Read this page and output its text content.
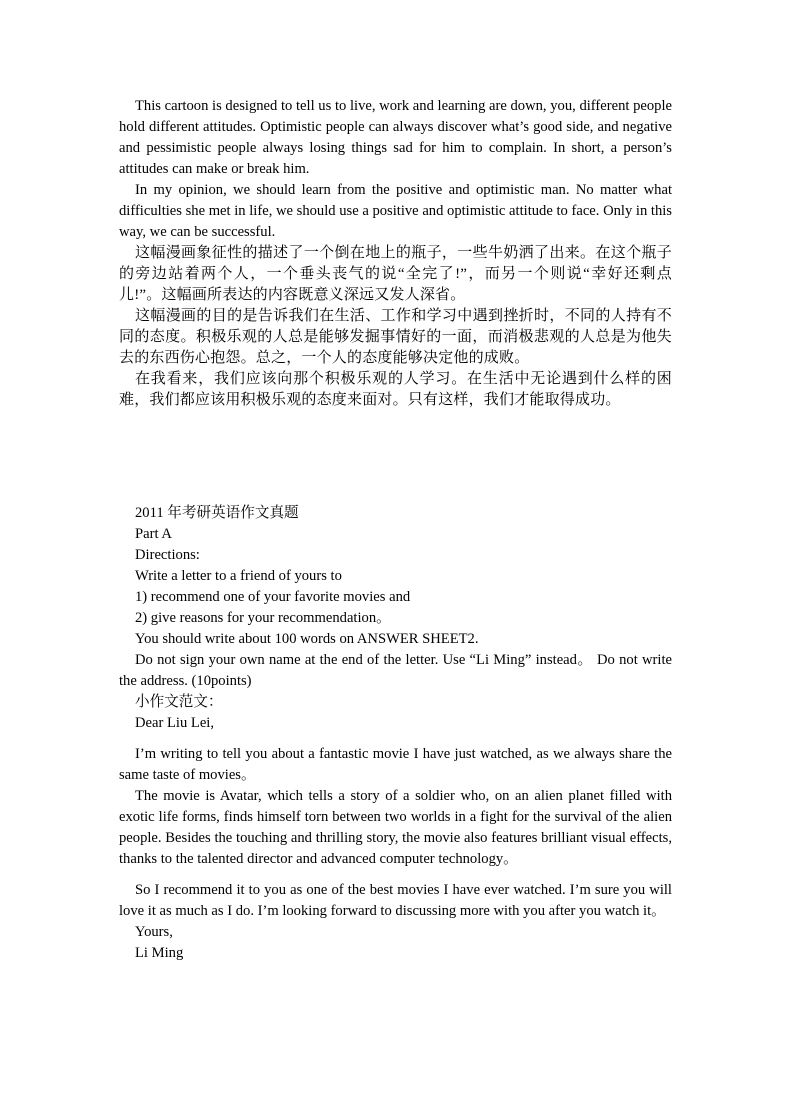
This cartoon is designed to tell us to live, work and learning are down, you, different people hold different attitudes. Optimistic people can always discover what’s good side, and negative and pessimistic people always losing things sad for him to complain. In short, a person’s attitudes can make or break him.

In my opinion, we should learn from the positive and optimistic man. No matter what difficulties she met in life, we should use a positive and optimistic attitude to face. Only in this way, we can be successful.

这幅漫画象征性的描述了一个倒在地上的瓶子，一些牛奶洒了出来。在这个瓶子的旁边站着两个人，一个垂头丧气的说“全完了!”，而另一个则说“幸好还剩点儿!”。这幅画所表达的内容既意义深远又发人深省。

这幅漫画的目的是告诉我们在生活、工作和学习中遇到挫折时，不同的人持有不同的态度。积极乐观的人总是能够发掘事情好的一面，而消极悲观的人总是为他失去的东西伤心抱怨。总之，一个人的态度能够决定他的成败。

在我看来，我们应该向那个积极乐观的人学习。在生活中无论遇到什么样的困难，我们都应该用积极乐观的态度来面对。只有这样，我们才能取得成功。

2011 年考研英语作文真题

Part A

Directions:

Write a letter to a friend of yours to

1) recommend one of your favorite movies and

2) give reasons for your recommendation。

You should write about 100 words on ANSWER SHEET2.

Do not sign your own name at the end of the letter. Use “Li Ming” instead。 Do not write the address. (10points)

小作文范文：

Dear Liu Lei,

I’m writing to tell you about a fantastic movie I have just watched, as we always share the same taste of movies。

The movie is Avatar, which tells a story of a soldier who, on an alien planet filled with exotic life forms, finds himself torn between two worlds in a fight for the survival of the alien people. Besides the touching and thrilling story, the movie also features brilliant visual effects, thanks to the talented director and advanced computer technology。

So I recommend it to you as one of the best movies I have ever watched. I’m sure you will love it as much as I do. I’m looking forward to discussing more with you after you watch it。

Yours,

Li Ming
